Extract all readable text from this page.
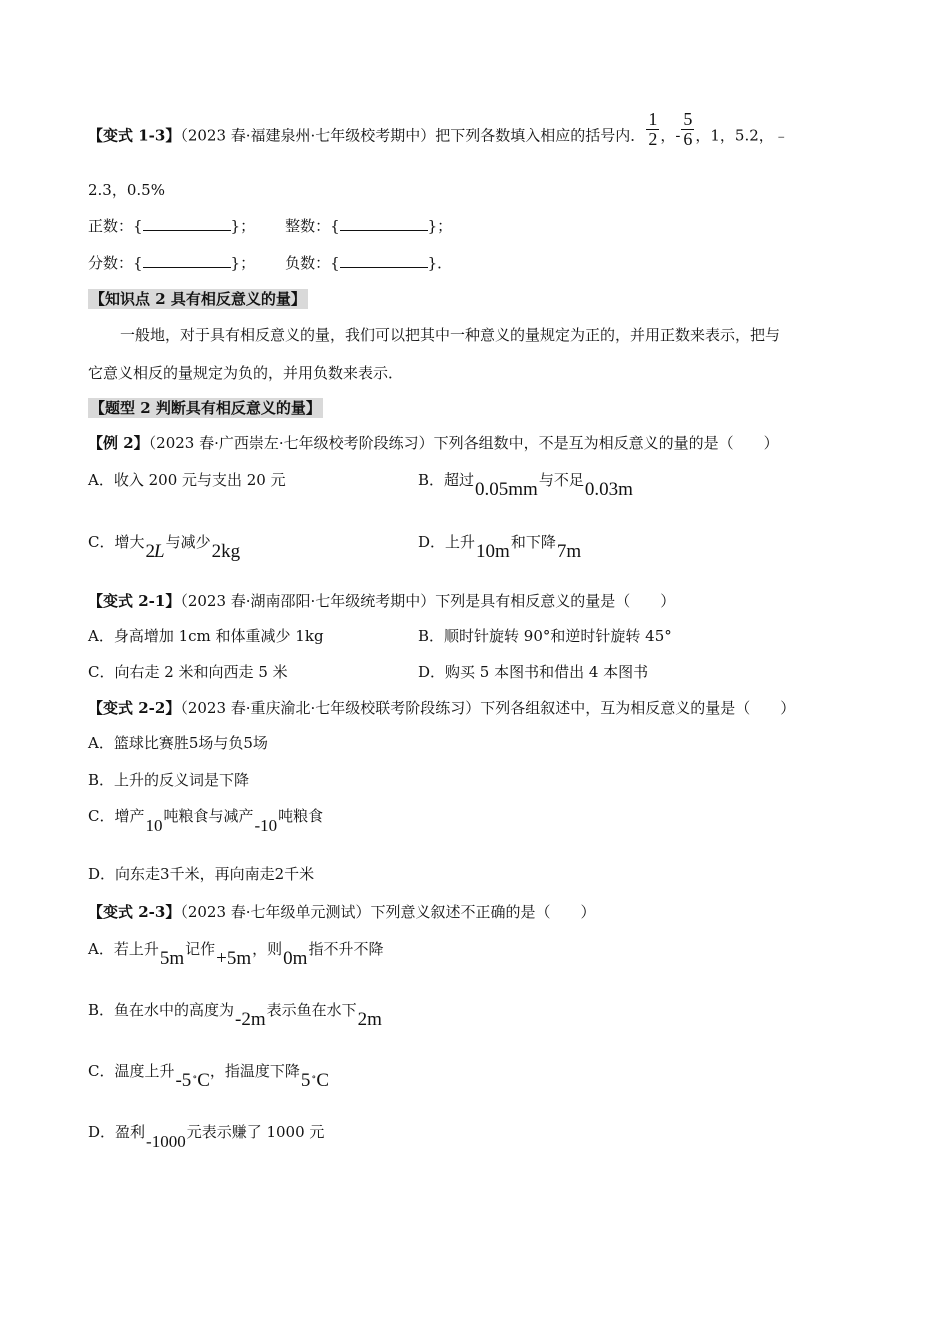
【变式 1-3】（2023 春·福建泉州·七年级校考期中）把下列各数填入相应的括号内． $\frac{1}{2}$ ，- $\frac{5}{6}$ ，1，5.2，﹣
2.3，0.5%
正数：{	}； 整数：{	}；
分数：{	}； 负数：{	}．
【知识点 2 具有相反意义的量】
一般地，对于具有相反意义的量，我们可以把其中一种意义的量规定为正的，并用正数来表示，把与
它意义相反的量规定为负的，并用负数来表示．
【题型 2 判断具有相反意义的量】
【例 2】（2023 春·广西崇左·七年级校考阶段练习）下列各组数中，不是互为相反意义的量的是（　　）
A．收入 200 元与支出 20 元	B．超过0.05mm与不足0.03m
C．增大2L与减少2kg	D．上升10m和下降7m
【变式 2-1】（2023 春·湖南邵阳·七年级统考期中）下列是具有相反意义的量是（　　）
A．身高增加 1cm 和体重减少 1kg	B．顺时针旋转 90°和逆时针旋转 45°
C．向右走 2 米和向西走 5 米	D．购买 5 本图书和借出 4 本图书
【变式 2-2】（2023 春·重庆渝北·七年级校联考阶段练习）下列各组叙述中，互为相反意义的量是（　　）
A．篮球比赛胜5场与负5场
B．上升的反义词是下降
C．增产10吨粮食与减产-10吨粮食
D．向东走3千米，再向南走2千米
【变式 2-3】（2023 春·七年级单元测试）下列意义叙述不正确的是（　　）
A．若上升5m记作+5m，则0m指不升不降
B．鱼在水中的高度为-2m表示鱼在水下2m
C．温度上升-5∘C，指温度下降5∘C
D．盈利-1000元表示赚了 1000 元
